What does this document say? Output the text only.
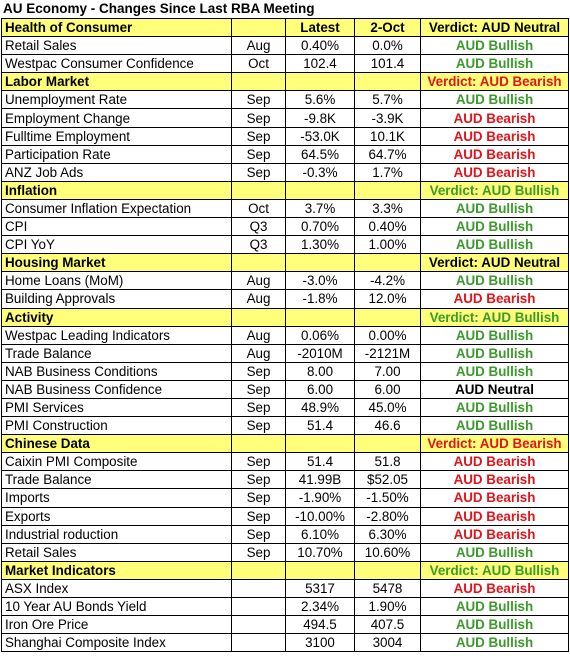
AU Economy - Changes Since Last RBA Meeting
Health of Consumer		Latest	2-Oct	Verdict: AUD Neutral
Retail Sales	Aug	0.40%	0.0%	AUD Bullish
Westpac Consumer Confidence	Oct	102.4	101.4	AUD Bullish
Labor Market				Verdict: AUD Bearish
Unemployment Rate	Sep	5.6%	5.7%	AUD Bullish
Employment Change	Sep	-9.8K	-3.9K	AUD Bearish
Fulltime Employment	Sep	-53.0K	10.1K	AUD Bearish
Participation Rate	Sep	64.5%	64.7%	AUD Bearish
ANZ Job Ads	Sep	-0.3%	1.7%	AUD Bearish
Inflation				Verdict: AUD Bullish
Consumer Inflation Expectation	Oct	3.7%	3.3%	AUD Bullish
CPI	Q3	0.70%	0.40%	AUD Bullish
CPI YoY	Q3	1.30%	1.00%	AUD Bullish
Housing Market				Verdict: AUD Neutral
Home Loans (MoM)	Aug	-3.0%	-4.2%	AUD Bullish
Building Approvals	Aug	-1.8%	12.0%	AUD Bearish
Activity				Verdict: AUD Bullish
Westpac Leading Indicators	Aug	0.06%	0.00%	AUD Bullish
Trade Balance	Aug	-2010M	-2121M	AUD Bullish
NAB Business Conditions	Sep	8.00	7.00	AUD Bullish
NAB Business Confidence	Sep	6.00	6.00	AUD Neutral
PMI Services	Sep	48.9%	45.0%	AUD Bullish
PMI Construction	Sep	51.4	46.6	AUD Bullish
Chinese Data				Verdict: AUD Bearish
Caixin PMI Composite	Sep	51.4	51.8	AUD Bearish
Trade Balance	Sep	41.99B	$52.05	AUD Bearish
Imports	Sep	-1.90%	-1.50%	AUD Bearish
Exports	Sep	-10.00%	-2.80%	AUD Bearish
Industrial roduction	Sep	6.10%	6.30%	AUD Bearish
Retail Sales	Sep	10.70%	10.60%	AUD Bullish
Market Indicators				Verdict: AUD Bullish
ASX Index		5317	5478	AUD Bearish
10 Year AU Bonds Yield		2.34%	1.90%	AUD Bullish
Iron Ore Price		494.5	407.5	AUD Bullish
Shanghai Composite Index		3100	3004	AUD Bullish
